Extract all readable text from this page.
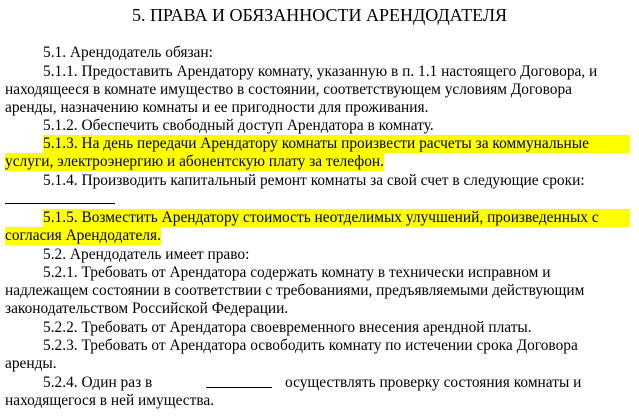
5. ПРАВА И ОБЯЗАННОСТИ АРЕНДОДАТЕЛЯ
5.1. Арендодатель обязан:
5.1.1. Предоставить Арендатору комнату, указанную в п. 1.1 настоящего Договора, и
находящееся в комнате имущество в состоянии, соответствующем условиям Договора
аренды, назначению комнаты и ее пригодности для проживания.
5.1.2. Обеспечить свободный доступ Арендатора в комнату.
5.1.3. На день передачи Арендатору комнаты произвести расчеты за коммунальные
услуги, электроэнергию и абонентскую плату за телефон.
5.1.4. Производить капитальный ремонт комнаты за свой счет в следующие сроки:
5.1.5. Возместить Арендатору стоимость неотделимых улучшений, произведенных с
согласия Арендодателя.
5.2. Арендодатель имеет право:
5.2.1. Требовать от Арендатора содержать комнату в технически исправном и
надлежащем состоянии в соответствии с требованиями, предъявляемыми действующим
законодательством Российской Федерации.
5.2.2. Требовать от Арендатора своевременного внесения арендной платы.
5.2.3. Требовать от Арендатора освободить комнату по истечении срока Договора
аренды.
5.2.4. Один раз в	осуществлять проверку состояния комнаты и
находящегося в ней имущества.
